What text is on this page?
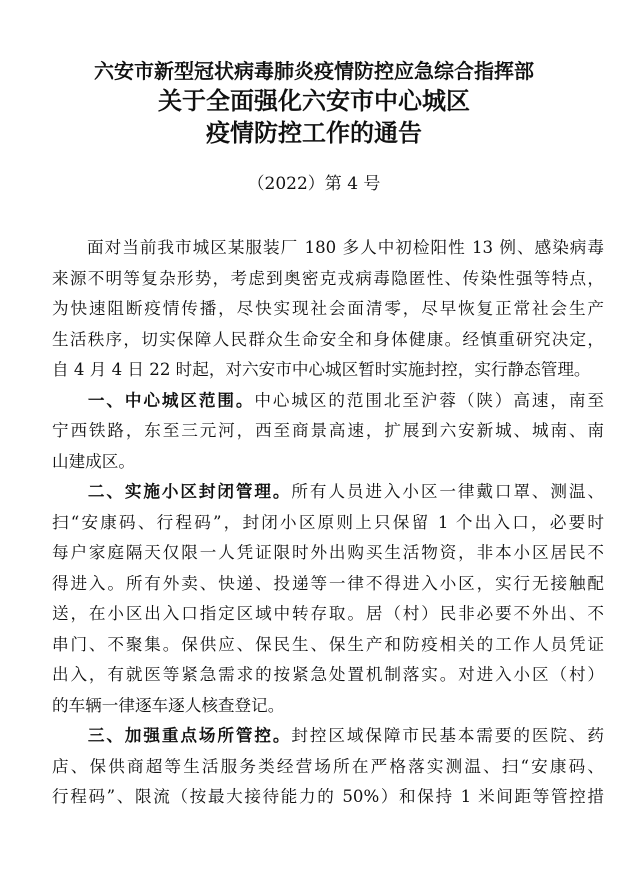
六安市新型冠状病毒肺炎疫情防控应急综合指挥部
关于全面强化六安市中心城区
疫情防控工作的通告
（2022）第 4 号
面对当前我市城区某服装厂 180 多人中初检阳性 13 例、感染病毒
来源不明等复杂形势，考虑到奥密克戎病毒隐匿性、传染性强等特点，
为快速阻断疫情传播，尽快实现社会面清零，尽早恢复正常社会生产
生活秩序，切实保障人民群众生命安全和身体健康。经慎重研究决定，
自 4 月 4 日 22 时起，对六安市中心城区暂时实施封控，实行静态管理。
一、中心城区范围。中心城区的范围北至沪蓉（陕）高速，南至
宁西铁路，东至三元河，西至商景高速，扩展到六安新城、城南、南
山建成区。
二、实施小区封闭管理。所有人员进入小区一律戴口罩、测温、
扫“安康码、行程码”，封闭小区原则上只保留 1 个出入口，必要时
每户家庭隔天仅限一人凭证限时外出购买生活物资，非本小区居民不
得进入。所有外卖、快递、投递等一律不得进入小区，实行无接触配
送，在小区出入口指定区域中转存取。居（村）民非必要不外出、不
串门、不聚集。保供应、保民生、保生产和防疫相关的工作人员凭证
出入，有就医等紧急需求的按紧急处置机制落实。对进入小区（村）
的车辆一律逐车逐人核查登记。
三、加强重点场所管控。封控区域保障市民基本需要的医院、药
店、保供商超等生活服务类经营场所在严格落实测温、扫“安康码、
行程码”、限流（按最大接待能力的 50%）和保持 1 米间距等管控措
